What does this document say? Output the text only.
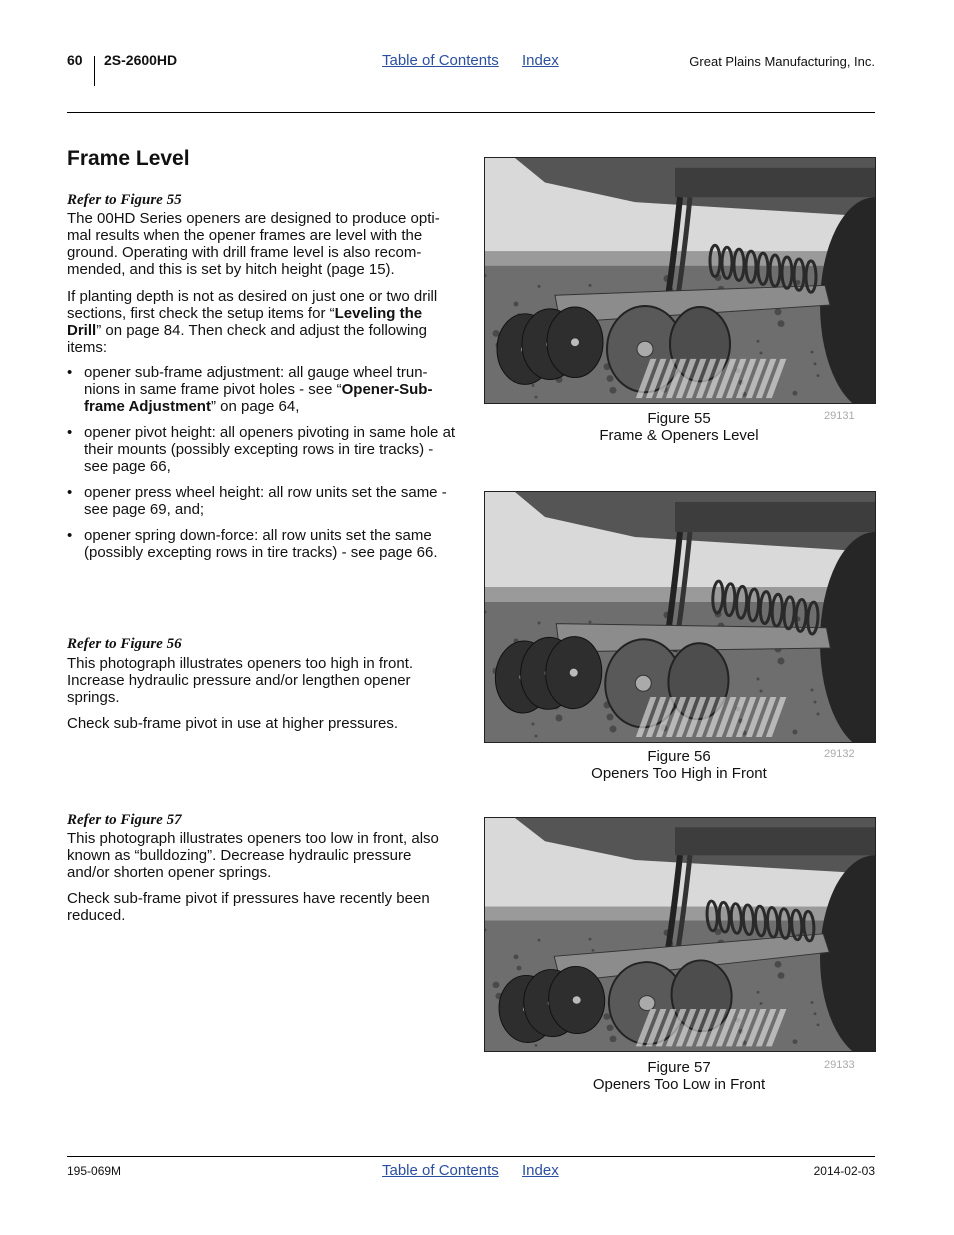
60 2S-2600HD	Table of Contents Index	Great Plains Manufacturing, Inc.
Frame Level
Refer to Figure 55

The 00HD Series openers are designed to produce opti-mal results when the opener frames are level with the ground. Operating with drill frame level is also recom-mended, and this is set by hitch height (page 15).

If planting depth is not as desired on just one or two drill sections, first check the setup items for “Leveling the Drill” on page 84. Then check and adjust the following items:

• opener sub-frame adjustment: all gauge wheel trun-nions in same frame pivot holes - see “Opener-Sub-frame Adjustment” on page 64,
• opener pivot height: all openers pivoting in same hole at their mounts (possibly excepting rows in tire tracks) - see page 66,
• opener press wheel height: all row units set the same - see page 69, and;
• opener spring down-force: all row units set the same (possibly excepting rows in tire tracks) - see page 66.
Refer to Figure 56

This photograph illustrates openers too high in front. Increase hydraulic pressure and/or lengthen opener springs.

Check sub-frame pivot in use at higher pressures.

Refer to Figure 57

This photograph illustrates openers too low in front, also known as “bulldozing”. Decrease hydraulic pressure and/or shorten opener springs.

Check sub-frame pivot if pressures have recently been reduced.

Figure 55
Frame & Openers Level
29131
Figure 56
Openers Too High in Front
29132
Figure 57
Openers Too Low in Front
29133
195-069M	Table of Contents Index	2014-02-03
